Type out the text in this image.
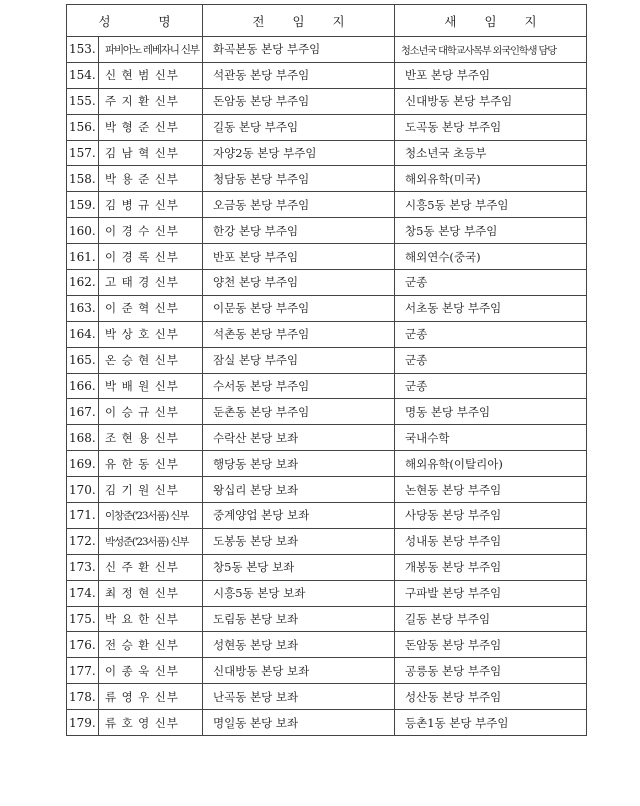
성 명		전 임 지	새 임 지
153.	파비아노 레베자니 신부	화곡본동 본당 부주임	청소년국 대학교사목부 외국인학생 담당
154.	신 현 범 신부	석관동 본당 부주임	반포 본당 부주임
155.	주 지 환 신부	돈암동 본당 부주임	신대방동 본당 부주임
156.	박 형 준 신부	길동 본당 부주임	도곡동 본당 부주임
157.	김 남 혁 신부	자양2동 본당 부주임	청소년국 초등부
158.	박 용 준 신부	청담동 본당 부주임	해외유학(미국)
159.	김 병 규 신부	오금동 본당 부주임	시흥5동 본당 부주임
160.	이 경 수 신부	한강 본당 부주임	창5동 본당 부주임
161.	이 경 록 신부	반포 본당 부주임	해외연수(중국)
162.	고 태 경 신부	양천 본당 부주임	군종
163.	이 준 혁 신부	이문동 본당 부주임	서초동 본당 부주임
164.	박 상 호 신부	석촌동 본당 부주임	군종
165.	온 승 현 신부	잠실 본당 부주임	군종
166.	박 배 원 신부	수서동 본당 부주임	군종
167.	이 승 규 신부	둔촌동 본당 부주임	명동 본당 부주임
168.	조 현 용 신부	수락산 본당 보좌	국내수학
169.	유 한 동 신부	행당동 본당 보좌	해외유학(이탈리아)
170.	김 기 원 신부	왕십리 본당 보좌	논현동 본당 부주임
171.	이창준('23서품) 신부	중계양업 본당 보좌	사당동 본당 부주임
172.	박성준('23서품) 신부	도봉동 본당 보좌	성내동 본당 부주임
173.	신 주 환 신부	창5동 본당 보좌	개봉동 본당 부주임
174.	최 정 현 신부	시흥5동 본당 보좌	구파발 본당 부주임
175.	박 요 한 신부	도림동 본당 보좌	길동 본당 부주임
176.	전 승 환 신부	성현동 본당 보좌	돈암동 본당 부주임
177.	이 종 욱 신부	신대방동 본당 보좌	공릉동 본당 부주임
178.	류 영 우 신부	난곡동 본당 보좌	성산동 본당 부주임
179.	류 호 영 신부	명일동 본당 보좌	등촌1동 본당 부주임
